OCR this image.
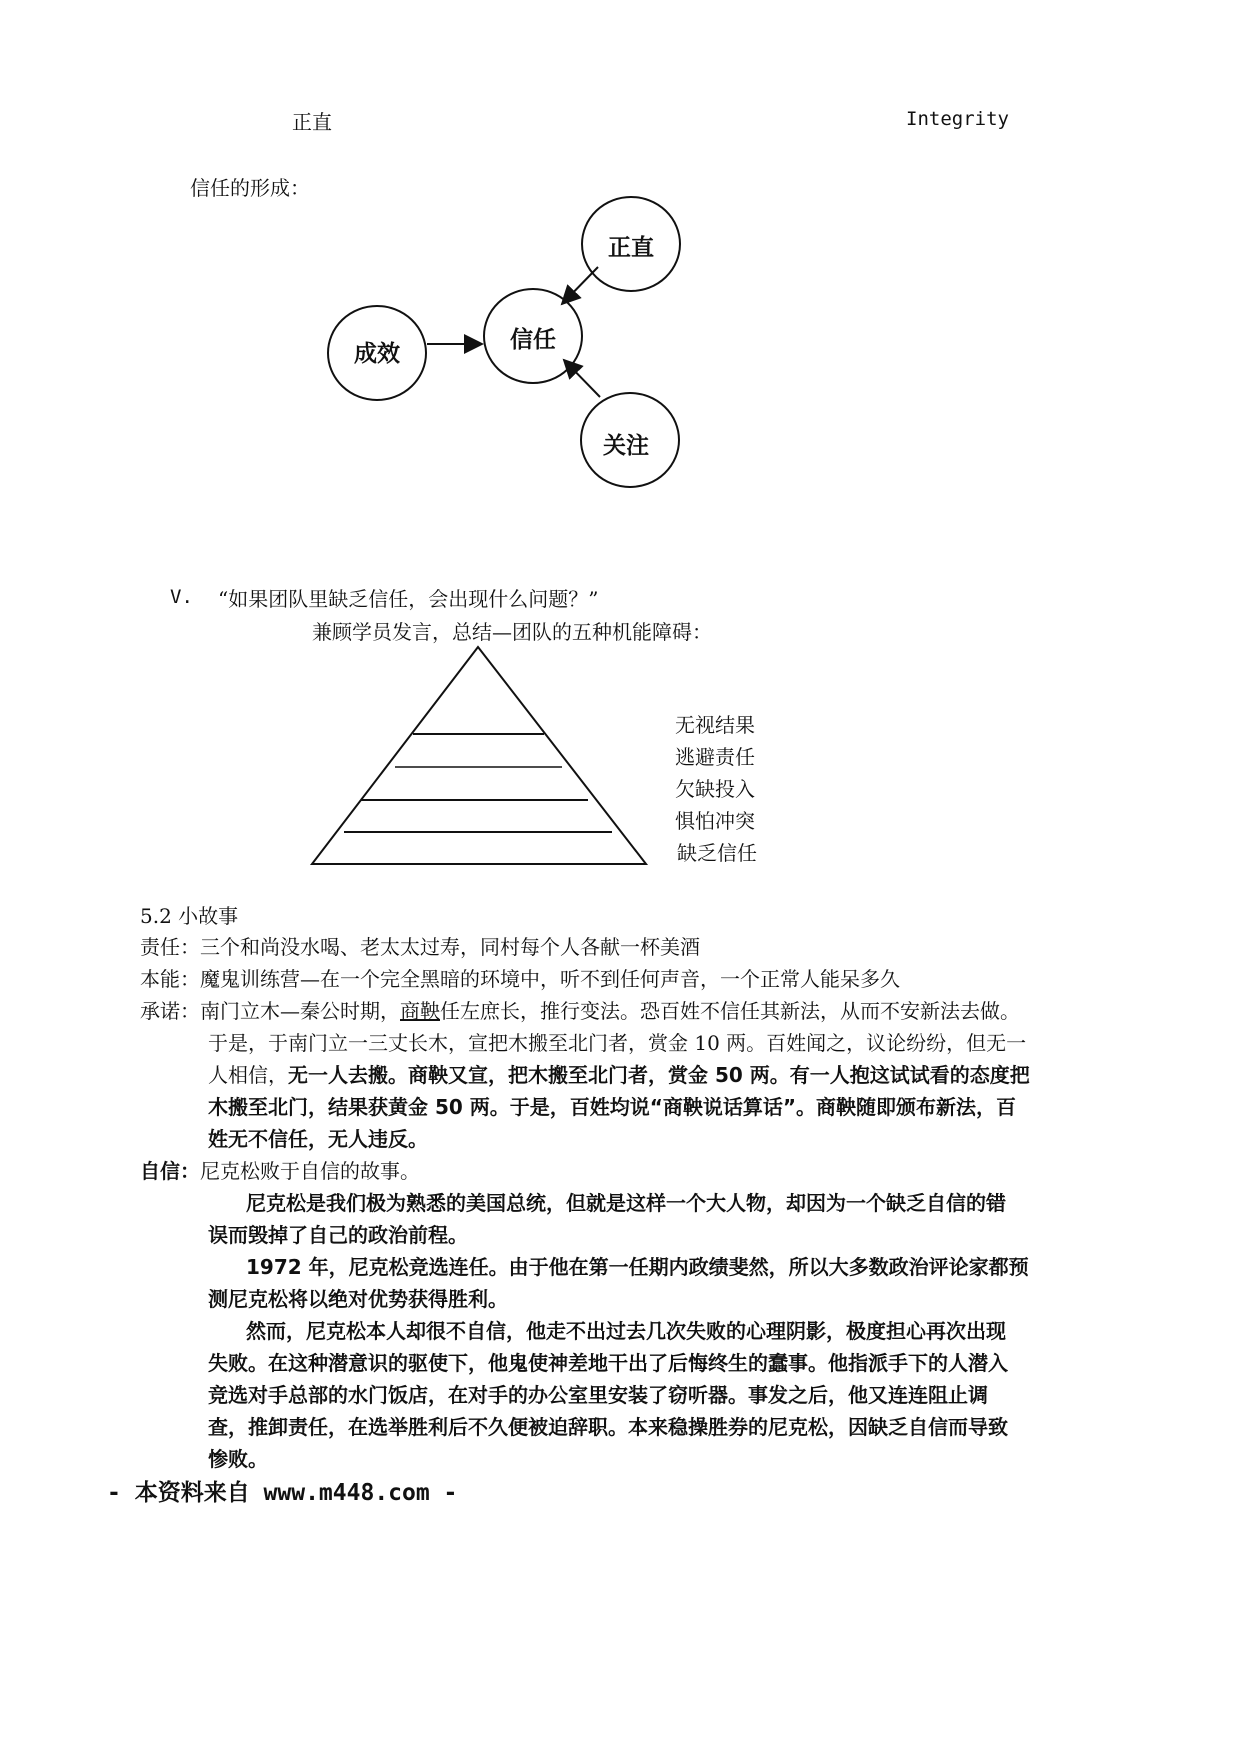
正直	Integrity
信任的形成：
正直
信任
成效
关注
V. “如果团队里缺乏信任，会出现什么问题？”
兼顾学员发言，总结—团队的五种机能障碍：
无视结果
逃避责任
欠缺投入
惧怕冲突
缺乏信任
5.2 小故事
责任：三个和尚没水喝、老太太过寿，同村每个人各献一杯美酒
本能：魔鬼训练营—在一个完全黑暗的环境中，听不到任何声音，一个正常人能呆多久
承诺：南门立木—秦公时期，商鞅任左庶长，推行变法。恐百姓不信任其新法，从而不安新法去做。
于是，于南门立一三丈长木，宣把木搬至北门者，赏金 10 两。百姓闻之，议论纷纷，但无一
人相信，无一人去搬。商鞅又宣，把木搬至北门者，赏金 50 两。有一人抱这试试看的态度把
木搬至北门，结果获黄金 50 两。于是，百姓均说“商鞅说话算话”。商鞅随即颁布新法，百
姓无不信任，无人违反。
自信：尼克松败于自信的故事。
尼克松是我们极为熟悉的美国总统，但就是这样一个大人物，却因为一个缺乏自信的错
误而毁掉了自己的政治前程。
1972 年，尼克松竞选连任。由于他在第一任期内政绩斐然，所以大多数政治评论家都预
测尼克松将以绝对优势获得胜利。
然而，尼克松本人却很不自信，他走不出过去几次失败的心理阴影，极度担心再次出现
失败。在这种潜意识的驱使下，他鬼使神差地干出了后悔终生的蠢事。他指派手下的人潜入
竞选对手总部的水门饭店，在对手的办公室里安装了窃听器。事发之后，他又连连阻止调
查，推卸责任，在选举胜利后不久便被迫辞职。本来稳操胜券的尼克松，因缺乏自信而导致
惨败。
- 本资料来自 www.m448.com -
